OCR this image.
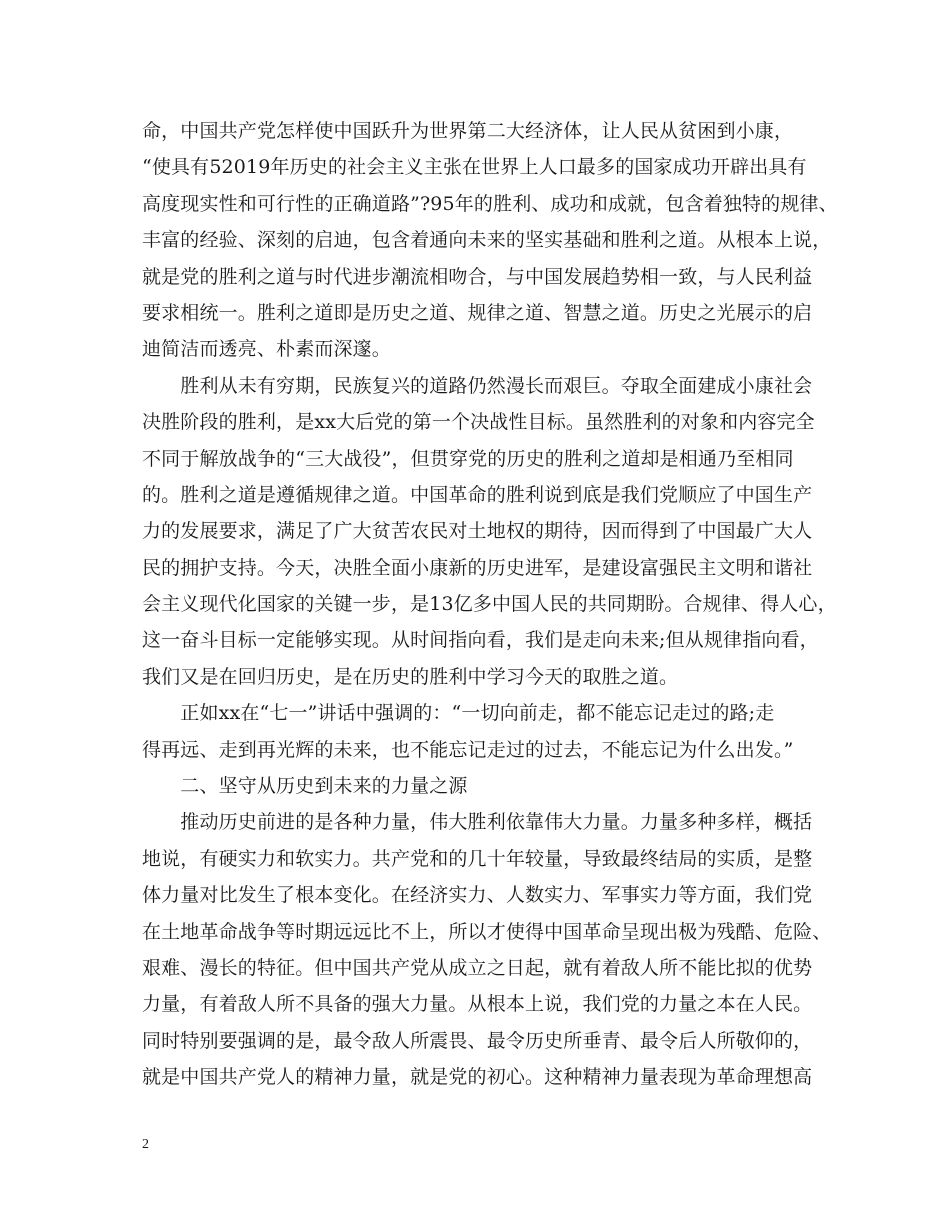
命，中国共产党怎样使中国跃升为世界第二大经济体，让人民从贫困到小康，
“使具有52019年历史的社会主义主张在世界上人口最多的国家成功开辟出具有
高度现实性和可行性的正确道路”?95年的胜利、成功和成就，包含着独特的规律、
丰富的经验、深刻的启迪，包含着通向未来的坚实基础和胜利之道。从根本上说，
就是党的胜利之道与时代进步潮流相吻合，与中国发展趋势相一致，与人民利益
要求相统一。胜利之道即是历史之道、规律之道、智慧之道。历史之光展示的启
迪简洁而透亮、朴素而深邃。
　　胜利从未有穷期，民族复兴的道路仍然漫长而艰巨。夺取全面建成小康社会
决胜阶段的胜利，是xx大后党的第一个决战性目标。虽然胜利的对象和内容完全
不同于解放战争的“三大战役”，但贯穿党的历史的胜利之道却是相通乃至相同
的。胜利之道是遵循规律之道。中国革命的胜利说到底是我们党顺应了中国生产
力的发展要求，满足了广大贫苦农民对土地权的期待，因而得到了中国最广大人
民的拥护支持。今天，决胜全面小康新的历史进军，是建设富强民主文明和谐社
会主义现代化国家的关键一步，是13亿多中国人民的共同期盼。合规律、得人心，
这一奋斗目标一定能够实现。从时间指向看，我们是走向未来;但从规律指向看，
我们又是在回归历史，是在历史的胜利中学习今天的取胜之道。
　　正如xx在“七一”讲话中强调的：“一切向前走，都不能忘记走过的路;走
得再远、走到再光辉的未来，也不能忘记走过的过去，不能忘记为什么出发。”
　　二、坚守从历史到未来的力量之源
　　推动历史前进的是各种力量，伟大胜利依靠伟大力量。力量多种多样，概括
地说，有硬实力和软实力。共产党和的几十年较量，导致最终结局的实质，是整
体力量对比发生了根本变化。在经济实力、人数实力、军事实力等方面，我们党
在土地革命战争等时期远远比不上，所以才使得中国革命呈现出极为残酷、危险、
艰难、漫长的特征。但中国共产党从成立之日起，就有着敌人所不能比拟的优势
力量，有着敌人所不具备的强大力量。从根本上说，我们党的力量之本在人民。
同时特别要强调的是，最令敌人所震畏、最令历史所垂青、最令后人所敬仰的，
就是中国共产党人的精神力量，就是党的初心。这种精神力量表现为革命理想高
2
